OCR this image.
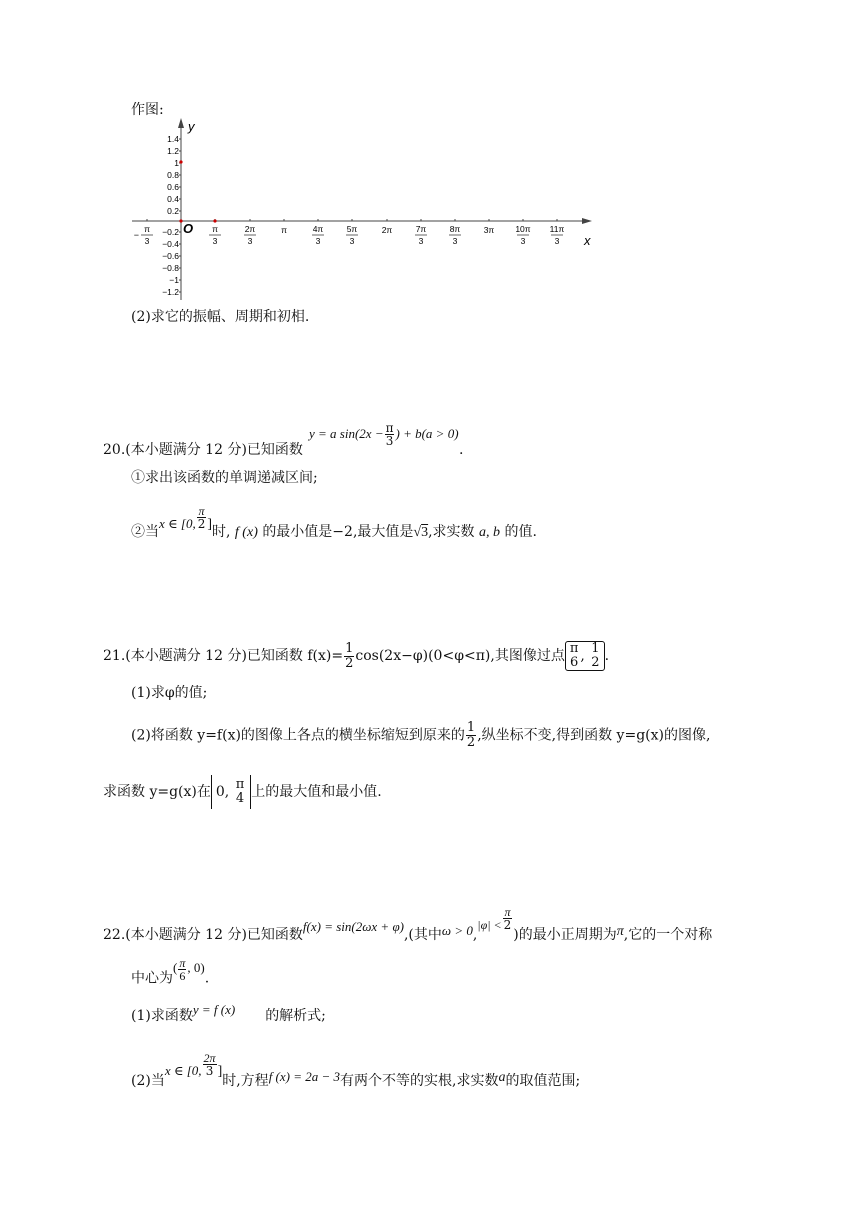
作图:
y
x
O
1.4
1.2
1
0.8
0.6
0.4
0.2
−0.2
−0.4
−0.6
−0.8
−1
−1.2
π
3
−
π
3
2π
3
π	4π
3
5π
3
2π	7π
3
8π
3
3π 10π
3
11π
3
(2)求它的振幅、周期和初相.
y = a $\sin(2x - \frac{\pi}{3}$ ) + b(a > 0)
20.(本小题满分 12 分)已知函数	.
①求出该函数的单调递减区间;
②当x ∈ [0, $\frac{\pi}{2}$ ]时, f (x) 的最小值是−2,最大值是√3,求实数 a, b 的值.
21.(本小题满分 12 分)已知函数 $f(x)= \frac{1}{2} \cos(2x-\varphi)(0<\varphi<\pi)$,其图像过点 π
6 , 1
2 .
(1)求φ的值;
(2)将函数 y=f(x)的图像上各点的横坐标缩短到原来的 $\frac{1}{2}$ ,纵坐标不变,得到函数 y=g(x)的图像,
求函数 y=g(x)在 0, π
4 上的最大值和最小值.
22.(本小题满分 12 分)已知函数f(x) = sin(2ωx + φ),(其中$\omega > 0,|\varphi| < \frac{\pi}{2}$
)的最小正周期为π,它的一个对称
中心为( $\frac{\pi}{6}$ , 0).
(1)求函数y = f (x) 的解析式;
(2)当x ∈ [0, $\frac{2\pi}{3}$ ]时,方程f (x) = 2a − 3有两个不等的实根,求实数a的取值范围;
